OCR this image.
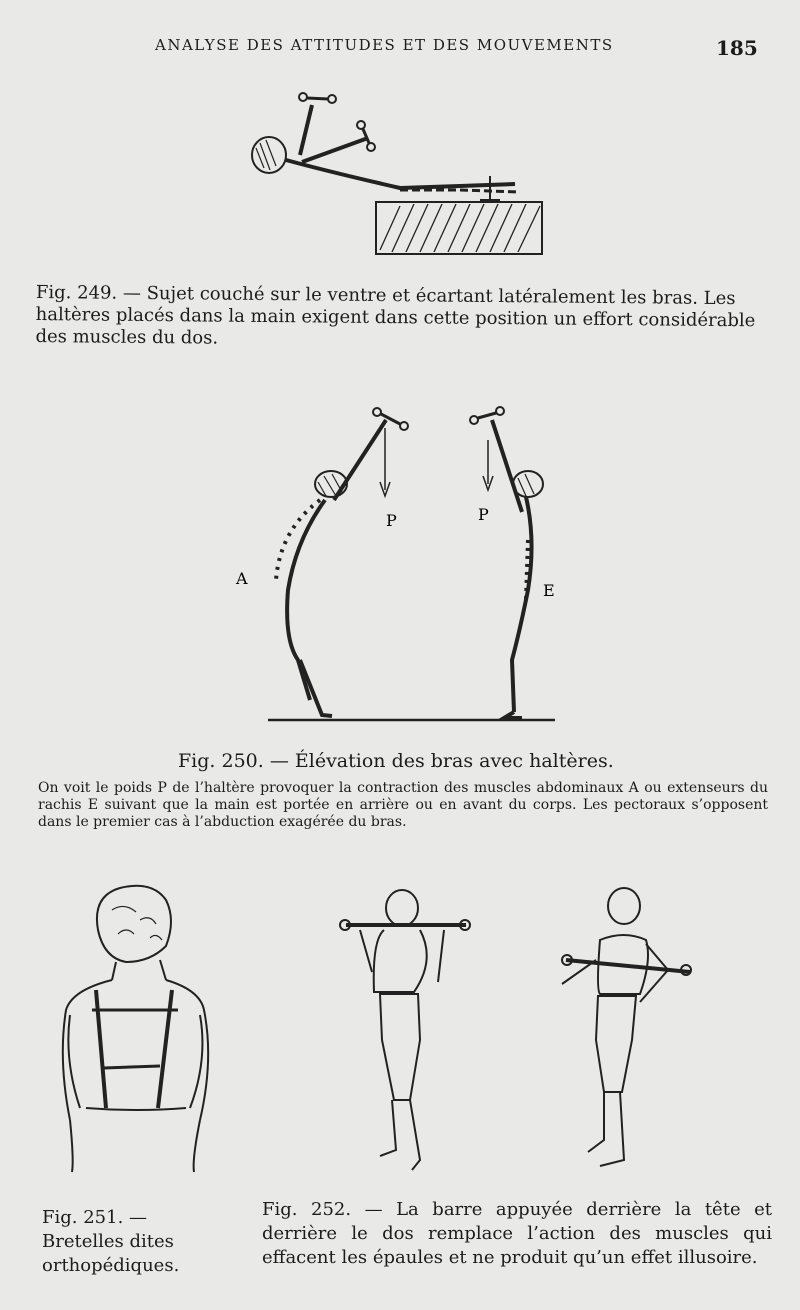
ANALYSE DES ATTITUDES ET DES MOUVEMENTS	185
Fig. 249. — Sujet couché sur le ventre et écartant latéralement les bras. Les haltères placés dans la main exigent dans cette position un effort considérable des muscles du dos.
A
E
P	P
Fig. 250. — Élévation des bras avec haltères.
On voit le poids P de l’haltère provoquer la contraction des muscles abdominaux A ou extenseurs du rachis E suivant que la main est portée en arrière ou en avant du corps. Les pectoraux s’opposent dans le premier cas à l’abduction exagérée du bras.
Fig. 251. — Bretelles dites orthopédiques.
Fig. 252. — La barre appuyée derrière la tête et derrière le dos remplace l’action des muscles qui effacent les épaules et ne produit qu’un effet illusoire.
